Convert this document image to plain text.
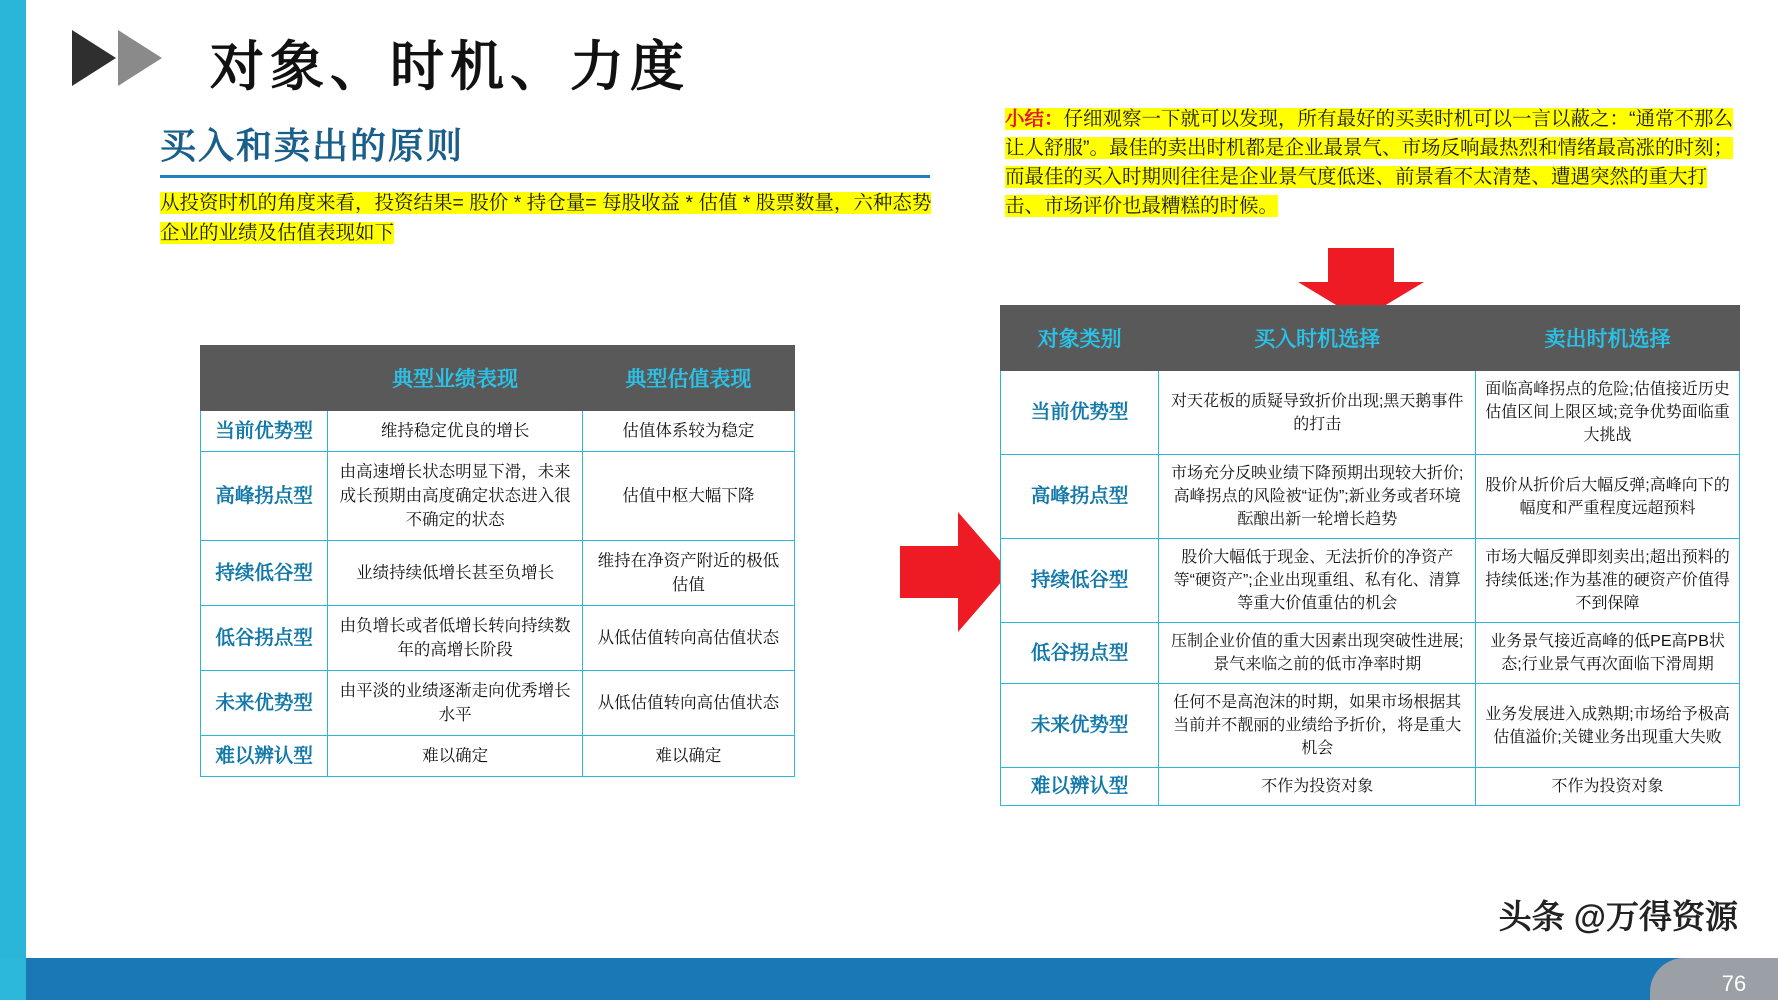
对象、时机、力度
买入和卖出的原则
从投资时机的角度来看，投资结果= 股价 * 持仓量= 每股收益 * 估值 * 股票数量，六种态势企业的业绩及估值表现如下
小结：仔细观察一下就可以发现，所有最好的买卖时机可以一言以蔽之：“通常不那么让人舒服”。最佳的卖出时机都是企业最景气、市场反响最热烈和情绪最高涨的时刻；而最佳的买入时期则往往是企业景气度低迷、前景看不太清楚、遭遇突然的重大打击、市场评价也最糟糕的时候。
	典型业绩表现	典型估值表现
当前优势型	维持稳定优良的增长	估值体系较为稳定
高峰拐点型	由高速增长状态明显下滑，未来成长预期由高度确定状态进入很不确定的状态	估值中枢大幅下降
持续低谷型	业绩持续低增长甚至负增长	维持在净资产附近的极低估值
低谷拐点型	由负增长或者低增长转向持续数年的高增长阶段	从低估值转向高估值状态
未来优势型	由平淡的业绩逐渐走向优秀增长水平	从低估值转向高估值状态
难以辨认型	难以确定	难以确定
对象类别	买入时机选择	卖出时机选择
当前优势型	对天花板的质疑导致折价出现;黑天鹅事件的打击	面临高峰拐点的危险;估值接近历史估值区间上限区域;竞争优势面临重大挑战
高峰拐点型	市场充分反映业绩下降预期出现较大折价;高峰拐点的风险被“证伪”;新业务或者环境酝酿出新一轮增长趋势	股价从折价后大幅反弹;高峰向下的幅度和严重程度远超预料
持续低谷型	股价大幅低于现金、无法折价的净资产等“硬资产”;企业出现重组、私有化、清算等重大价值重估的机会	市场大幅反弹即刻卖出;超出预料的持续低迷;作为基准的硬资产价值得不到保障
低谷拐点型	压制企业价值的重大因素出现突破性进展;景气来临之前的低市净率时期	业务景气接近高峰的低PE高PB状态;行业景气再次面临下滑周期
未来优势型	任何不是高泡沫的时期，如果市场根据其当前并不靓丽的业绩给予折价，将是重大机会	业务发展进入成熟期;市场给予极高估值溢价;关键业务出现重大失败
难以辨认型	不作为投资对象	不作为投资对象
头条 @万得资源
76
